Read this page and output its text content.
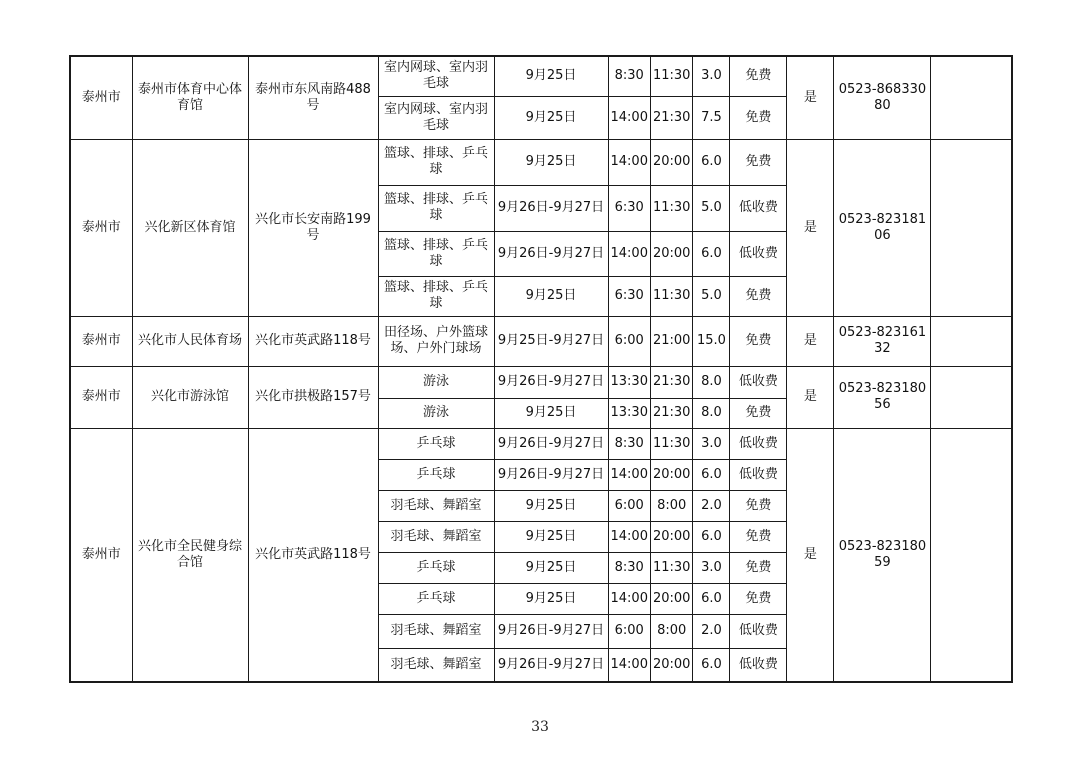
泰州市	泰州市体育中心体育馆	泰州市东风南路488号	室内网球、室内羽毛球	9月25日	8:30	11:30	3.0	免费	是	0523-86833080	
			室内网球、室内羽毛球	9月25日	14:00	21:30	7.5	免费			
泰州市	兴化新区体育馆	兴化市长安南路199号	篮球、排球、乒乓球	9月25日	14:00	20:00	6.0	免费	是	0523-82318106	
			篮球、排球、乒乓球	9月26日-9月27日	6:30	11:30	5.0	低收费			
			篮球、排球、乒乓球	9月26日-9月27日	14:00	20:00	6.0	低收费			
			篮球、排球、乒乓球	9月25日	6:30	11:30	5.0	免费			
泰州市	兴化市人民体育场	兴化市英武路118号	田径场、户外篮球场、户外门球场	9月25日-9月27日	6:00	21:00	15.0	免费	是	0523-82316132	
泰州市	兴化市游泳馆	兴化市拱极路157号	游泳	9月26日-9月27日	13:30	21:30	8.0	低收费	是	0523-82318056	
			游泳	9月25日	13:30	21:30	8.0	免费			
泰州市	兴化市全民健身综合馆	兴化市英武路118号	乒乓球	9月26日-9月27日	8:30	11:30	3.0	低收费	是	0523-82318059	
			乒乓球	9月26日-9月27日	14:00	20:00	6.0	低收费			
			羽毛球、舞蹈室	9月25日	6:00	8:00	2.0	免费			
			羽毛球、舞蹈室	9月25日	14:00	20:00	6.0	免费			
			乒乓球	9月25日	8:30	11:30	3.0	免费			
			乒乓球	9月25日	14:00	20:00	6.0	免费			
			羽毛球、舞蹈室	9月26日-9月27日	6:00	8:00	2.0	低收费			
			羽毛球、舞蹈室	9月26日-9月27日	14:00	20:00	6.0	低收费			
33
